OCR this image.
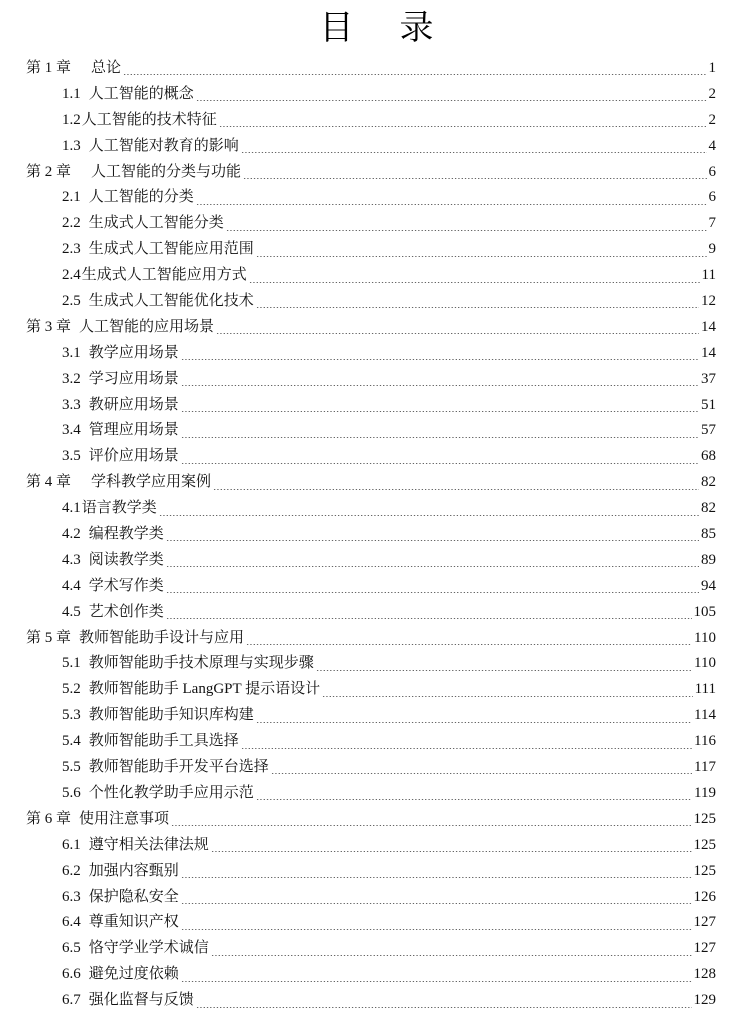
目 录
第 1 章 总论	1
1.1 人工智能的概念	2
1.2人工智能的技术特征	2
1.3 人工智能对教育的影响	4
第 2 章 人工智能的分类与功能	6
2.1 人工智能的分类	6
2.2 生成式人工智能分类	7
2.3 生成式人工智能应用范围	9
2.4生成式人工智能应用方式	11
2.5 生成式人工智能优化技术	12
第 3 章 人工智能的应用场景	14
3.1 教学应用场景	14
3.2 学习应用场景	37
3.3 教研应用场景	51
3.4 管理应用场景	57
3.5 评价应用场景	68
第 4 章 学科教学应用案例	82
4.1语言教学类	82
4.2 编程教学类	85
4.3 阅读教学类	89
4.4 学术写作类	94
4.5 艺术创作类	105
第 5 章 教师智能助手设计与应用	110
5.1 教师智能助手技术原理与实现步骤	110
5.2 教师智能助手 LangGPT 提示语设计	111
5.3 教师智能助手知识库构建	114
5.4 教师智能助手工具选择	116
5.5 教师智能助手开发平台选择	117
5.6 个性化教学助手应用示范	119
第 6 章 使用注意事项	125
6.1 遵守相关法律法规	125
6.2 加强内容甄别	125
6.3 保护隐私安全	126
6.4 尊重知识产权	127
6.5 恪守学业学术诚信	127
6.6 避免过度依赖	128
6.7 强化监督与反馈	129
